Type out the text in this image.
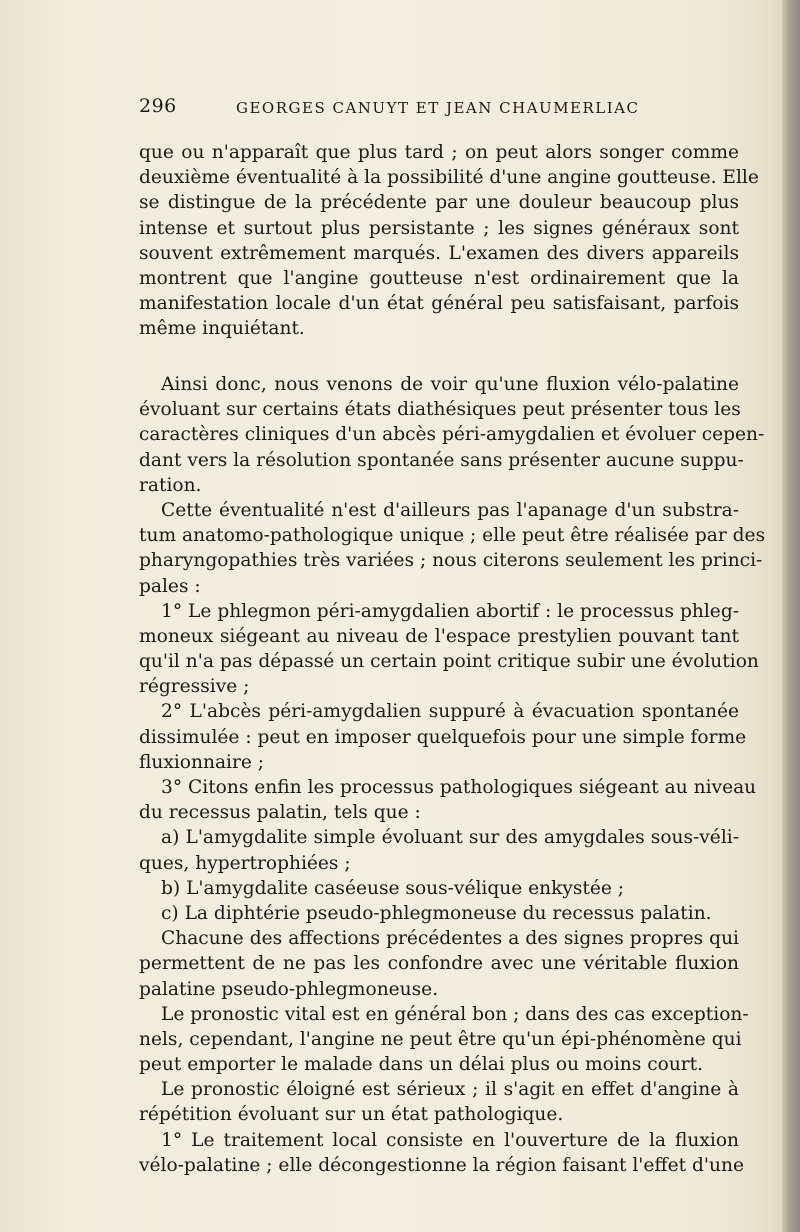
296	GEORGES CANUYT ET JEAN CHAUMERLIAC
que ou n'apparaît que plus tard ; on peut alors songer comme
deuxième éventualité à la possibilité d'une angine goutteuse. Elle
se distingue de la précédente par une douleur beaucoup plus
intense et surtout plus persistante ; les signes généraux sont
souvent extrêmement marqués. L'examen des divers appareils
montrent que l'angine goutteuse n'est ordinairement que la
manifestation locale d'un état général peu satisfaisant, parfois
même inquiétant.
Ainsi donc, nous venons de voir qu'une fluxion vélo-palatine
évoluant sur certains états diathésiques peut présenter tous les
caractères cliniques d'un abcès péri-amygdalien et évoluer cepen-
dant vers la résolution spontanée sans présenter aucune suppu-
ration.
Cette éventualité n'est d'ailleurs pas l'apanage d'un substra-
tum anatomo-pathologique unique ; elle peut être réalisée par des
pharyngopathies très variées ; nous citerons seulement les princi-
pales :
1° Le phlegmon péri-amygdalien abortif : le processus phleg-
moneux siégeant au niveau de l'espace prestylien pouvant tant
qu'il n'a pas dépassé un certain point critique subir une évolution
régressive ;
2° L'abcès péri-amygdalien suppuré à évacuation spontanée
dissimulée : peut en imposer quelquefois pour une simple forme
fluxionnaire ;
3° Citons enfin les processus pathologiques siégeant au niveau
du recessus palatin, tels que :
a) L'amygdalite simple évoluant sur des amygdales sous-véli-
ques, hypertrophiées ;
b) L'amygdalite caséeuse sous-vélique enkystée ;
c) La diphtérie pseudo-phlegmoneuse du recessus palatin.
Chacune des affections précédentes a des signes propres qui
permettent de ne pas les confondre avec une véritable fluxion
palatine pseudo-phlegmoneuse.
Le pronostic vital est en général bon ; dans des cas exception-
nels, cependant, l'angine ne peut être qu'un épi-phénomène qui
peut emporter le malade dans un délai plus ou moins court.
Le pronostic éloigné est sérieux ; il s'agit en effet d'angine à
répétition évoluant sur un état pathologique.
1° Le traitement local consiste en l'ouverture de la fluxion
vélo-palatine ; elle décongestionne la région faisant l'effet d'une
